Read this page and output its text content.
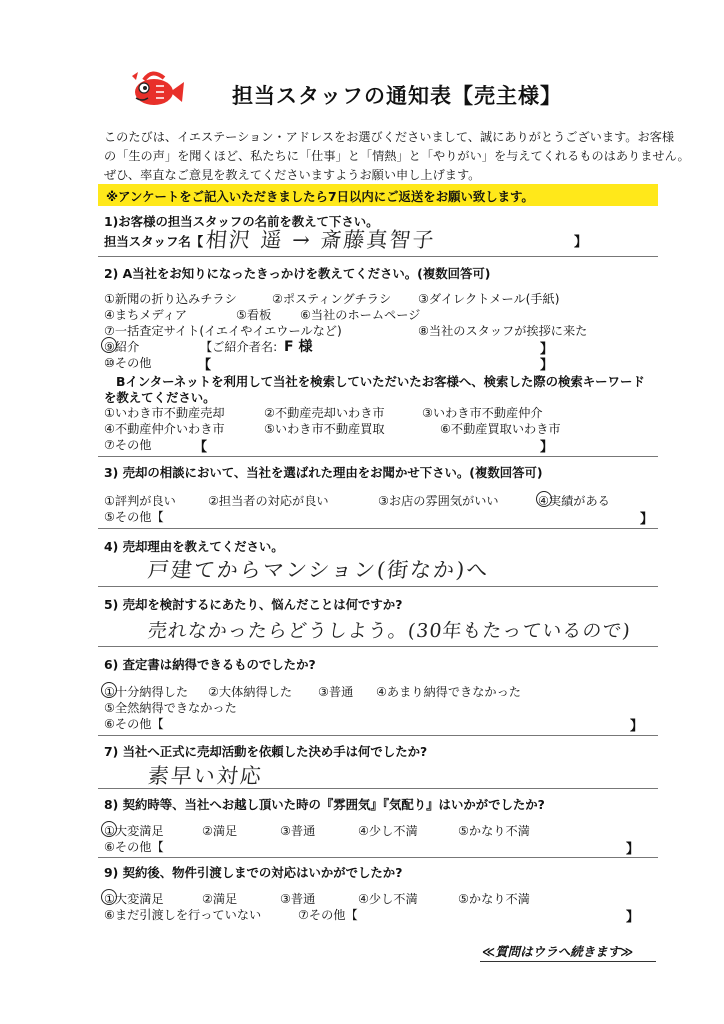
担当スタッフの通知表【売主様】
このたびは、イエステーション・アドレスをお選びくださいまして、誠にありがとうございます。お客様
の「生の声」を聞くほど、私たちに「仕事」と「情熱」と「やりがい」を与えてくれるものはありません。
ぜひ、率直なご意見を教えてくださいますようお願い申し上げます。
※アンケートをご記入いただきましたら7日以内にご返送をお願い致します。
1)お客様の担当スタッフの名前を教えて下さい。
担当スタッフ名【 相沢 遥 → 斎藤真智子	】
2) A当社をお知りになったきっかけを教えてください。(複数回答可)
①新聞の折り込みチラシ	②ポスティングチラシ ③ダイレクトメール(手紙)
④まちメディア	⑤看板 ⑥当社のホームページ
⑦一括査定サイト(イエイやイエウールなど)	⑧当社のスタッフが挨拶に来た
⑨紹介	【ご紹介者名: F 様	】
⑩その他	【	】
Bインターネットを利用して当社を検索していただいたお客様へ、検索した際の検索キーワード
を教えてください。
①いわき市不動産売却	②不動産売却いわき市	③いわき市不動産仲介
④不動産仲介いわき市	⑤いわき市不動産買取	⑥不動産買取いわき市
⑦その他	【	】
3) 売却の相談において、当社を選ばれた理由をお聞かせ下さい。(複数回答可)
①評判が良い	②担当者の対応が良い	③お店の雰囲気がいい	④実績がある
⑤その他【	】
4) 売却理由を教えてください。
戸建てからマンション(街なか)へ
5) 売却を検討するにあたり、悩んだことは何ですか?
売れなかったらどうしよう。(30年もたっているので)
6) 査定書は納得できるものでしたか?
①十分納得した ②大体納得した ③普通 ④あまり納得できなかった
⑤全然納得できなかった
⑥その他【	】
7) 当社へ正式に売却活動を依頼した決め手は何でしたか?
素早い対応
8) 契約時等、当社へお越し頂いた時の『雰囲気』『気配り』はいかがでしたか?
①大変満足	②満足	③普通	④少し不満	⑤かなり不満
⑥その他【	】
9) 契約後、物件引渡しまでの対応はいかがでしたか?
①大変満足	②満足	③普通	④少し不満	⑤かなり不満
⑥まだ引渡しを行っていない	⑦その他【	】
≪質問はウラへ続きます≫
